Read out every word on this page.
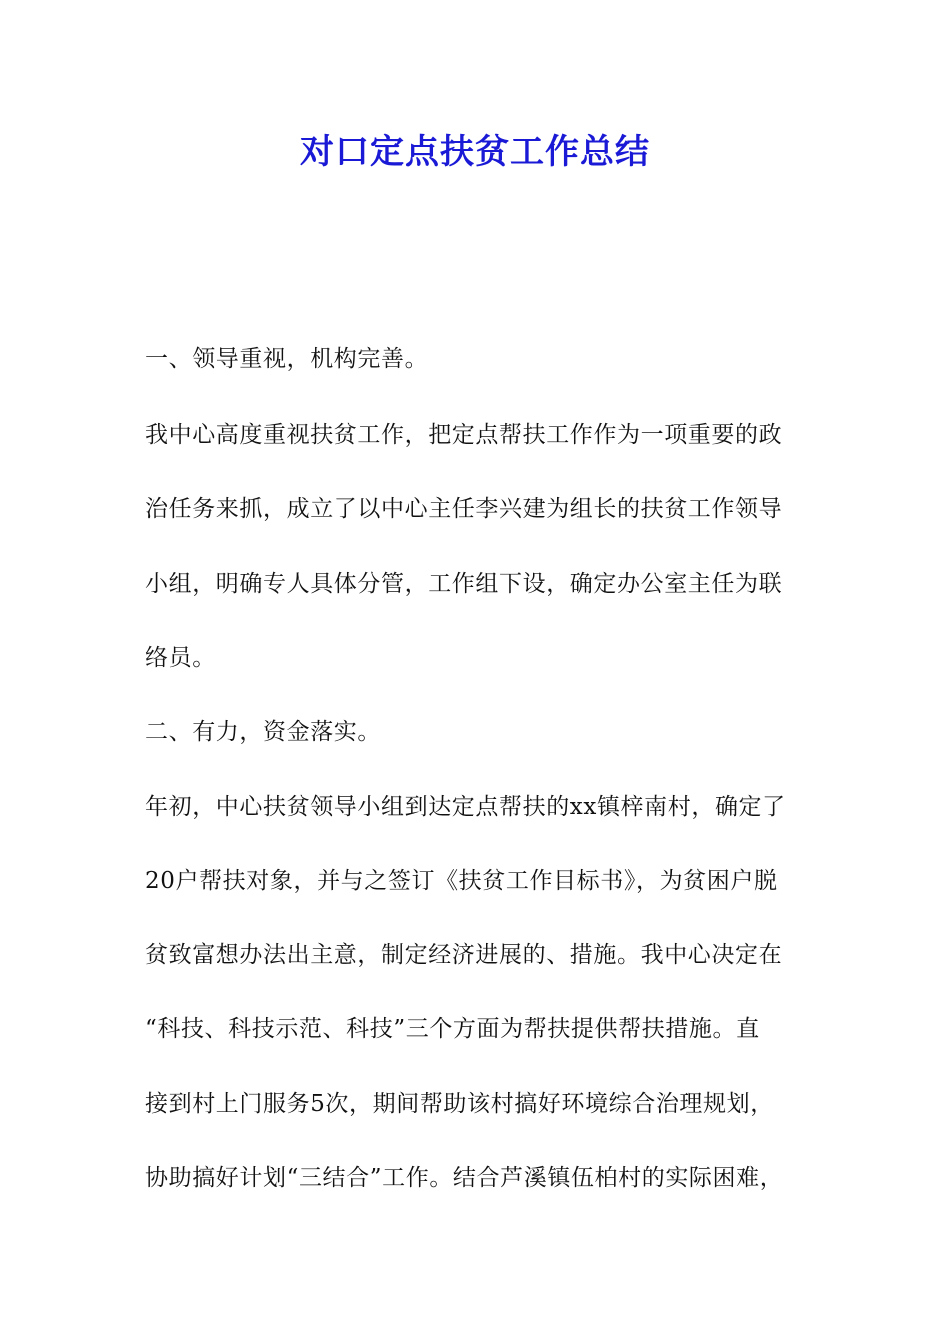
对口定点扶贫工作总结
一、领导重视，机构完善。
我中心高度重视扶贫工作，把定点帮扶工作作为一项重要的政
治任务来抓，成立了以中心主任李兴建为组长的扶贫工作领导
小组，明确专人具体分管，工作组下设，确定办公室主任为联
络员。
二、有力，资金落实。
年初，中心扶贫领导小组到达定点帮扶的xx镇梓南村，确定了
20户帮扶对象，并与之签订《扶贫工作目标书》，为贫困户脱
贫致富想办法出主意，制定经济进展的、措施。我中心决定在
“科技、科技示范、科技”三个方面为帮扶提供帮扶措施。直
接到村上门服务5次，期间帮助该村搞好环境综合治理规划，
协助搞好计划“三结合”工作。结合芦溪镇伍柏村的实际困难，
